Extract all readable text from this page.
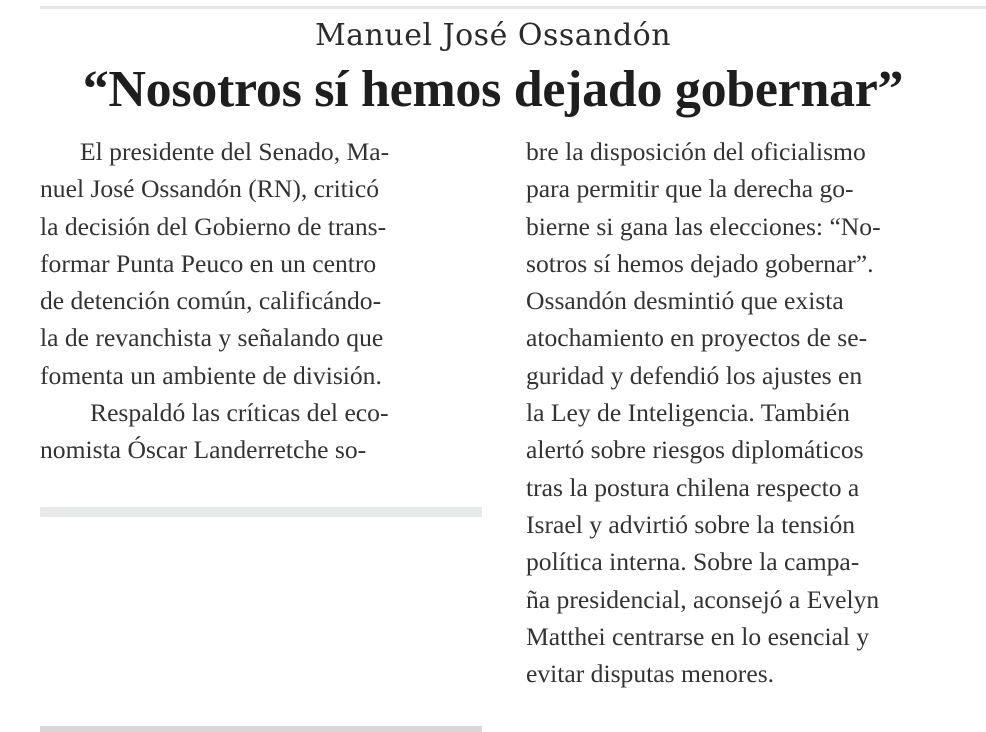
Manuel José Ossandón
“Nosotros sí hemos dejado gobernar”
El presidente del Senado, Ma-
nuel José Ossandón (RN), criticó
la decisión del Gobierno de trans-
formar Punta Peuco en un centro
de detención común, calificándo-
la de revanchista y señalando que
fomenta un ambiente de división.
Respaldó las críticas del eco-
nomista Óscar Landerretche so-
bre la disposición del oficialismo
para permitir que la derecha go-
bierne si gana las elecciones: “No-
sotros sí hemos dejado gobernar”.
Ossandón desmintió que exista
atochamiento en proyectos de se-
guridad y defendió los ajustes en
la Ley de Inteligencia. También
alertó sobre riesgos diplomáticos
tras la postura chilena respecto a
Israel y advirtió sobre la tensión
política interna. Sobre la campa-
ña presidencial, aconsejó a Evelyn
Matthei centrarse en lo esencial y
evitar disputas menores.
